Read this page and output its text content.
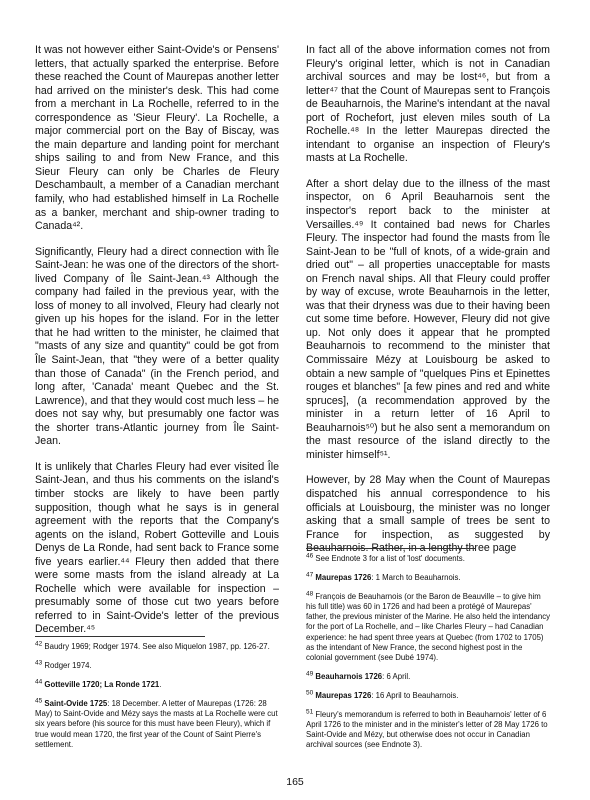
It was not however either Saint-Ovide's or Pensens' letters, that actually sparked the enterprise. Before these reached the Count of Maurepas another letter had arrived on the minister's desk. This had come from a merchant in La Rochelle, referred to in the correspondence as 'Sieur Fleury'. La Rochelle, a major commercial port on the Bay of Biscay, was the main departure and landing point for merchant ships sailing to and from New France, and this Sieur Fleury can only be Charles de Fleury Deschambault, a member of a Canadian merchant family, who had established himself in La Rochelle as a banker, merchant and ship-owner trading to Canada⁴².

Significantly, Fleury had a direct connection with Île Saint-Jean: he was one of the directors of the short-lived Company of Île Saint-Jean.⁴³ Although the company had failed in the previous year, with the loss of money to all involved, Fleury had clearly not given up his hopes for the island. For in the letter that he had written to the minister, he claimed that "masts of any size and quantity" could be got from Île Saint-Jean, that "they were of a better quality than those of Canada" (in the French period, and long after, 'Canada' meant Quebec and the St. Lawrence), and that they would cost much less – he does not say why, but presumably one factor was the shorter trans-Atlantic journey from Île Saint-Jean.

It is unlikely that Charles Fleury had ever visited Île Saint-Jean, and thus his comments on the island's timber stocks are likely to have been partly supposition, though what he says is in general agreement with the reports that the Company's agents on the island, Robert Gotteville and Louis Denys de La Ronde, had sent back to France some five years earlier.⁴⁴ Fleury then added that there were some masts from the island already at La Rochelle which were available for inspection – presumably some of those cut two years before referred to in Saint-Ovide's letter of the previous December.⁴⁵

In fact all of the above information comes not from Fleury's original letter, which is not in Canadian archival sources and may be lost⁴⁶, but from a letter⁴⁷ that the Count of Maurepas sent to François de Beauharnois, the Marine's intendant at the naval port of Rochefort, just eleven miles south of La Rochelle.⁴⁸ In the letter Maurepas directed the intendant to organise an inspection of Fleury's masts at La Rochelle.

After a short delay due to the illness of the mast inspector, on 6 April Beauharnois sent the inspector's report back to the minister at Versailles.⁴⁹ It contained bad news for Charles Fleury. The inspector had found the masts from Île Saint-Jean to be "full of knots, of a wide-grain and dried out" – all properties unacceptable for masts on French naval ships. All that Fleury could proffer by way of excuse, wrote Beauharnois in the letter, was that their dryness was due to their having been cut some time before. However, Fleury did not give up. Not only does it appear that he prompted Beauharnois to recommend to the minister that Commissaire Mézy at Louisbourg be asked to obtain a new sample of "quelques Pins et Epinettes rouges et blanches" [a few pines and red and white spruces], (a recommendation approved by the minister in a return letter of 16 April to Beauharnois⁵⁰) but he also sent a memorandum on the mast resource of the island directly to the minister himself⁵¹.

However, by 28 May when the Count of Maurepas dispatched his annual correspondence to his officials at Louisbourg, the minister was no longer asking that a small sample of trees be sent to France for inspection, as suggested by Beauharnois. Rather, in a lengthy three page

$^{42}$ Baudry 1969; Rodger 1974. See also Miquelon 1987, pp. 126-27.

$^{43}$ Rodger 1974.

$^{44}$ Gotteville 1720; La Ronde 1721.

$^{45}$ Saint-Ovide 1725: 18 December. A letter of Maurepas (1726: 28 May) to Saint-Ovide and Mézy says the masts at La Rochelle were cut six years before (his source for this must have been Fleury), which if true would mean 1720, the first year of the Count of Saint Pierre's settlement.

$^{46}$ See Endnote 3 for a list of 'lost' documents.

$^{47}$ Maurepas 1726: 1 March to Beauharnois.

$^{48}$ François de Beauharnois (or the Baron de Beauville – to give him his full title) was 60 in 1726 and had been a protégé of Maurepas' father, the previous minister of the Marine. He also held the intendancy for the port of La Rochelle, and – like Charles Fleury – had Canadian experience: he had spent three years at Quebec (from 1702 to 1705) as the intendant of New France, the second highest post in the colonial government (see Dubé 1974).

$^{49}$ Beauharnois 1726: 6 April.

$^{50}$ Maurepas 1726: 16 April to Beauharnois.

$^{51}$ Fleury's memorandum is referred to both in Beauharnois' letter of 6 April 1726 to the minister and in the minister's letter of 28 May 1726 to Saint-Ovide and Mézy, but otherwise does not occur in Canadian archival sources (see Endnote 3).

165
